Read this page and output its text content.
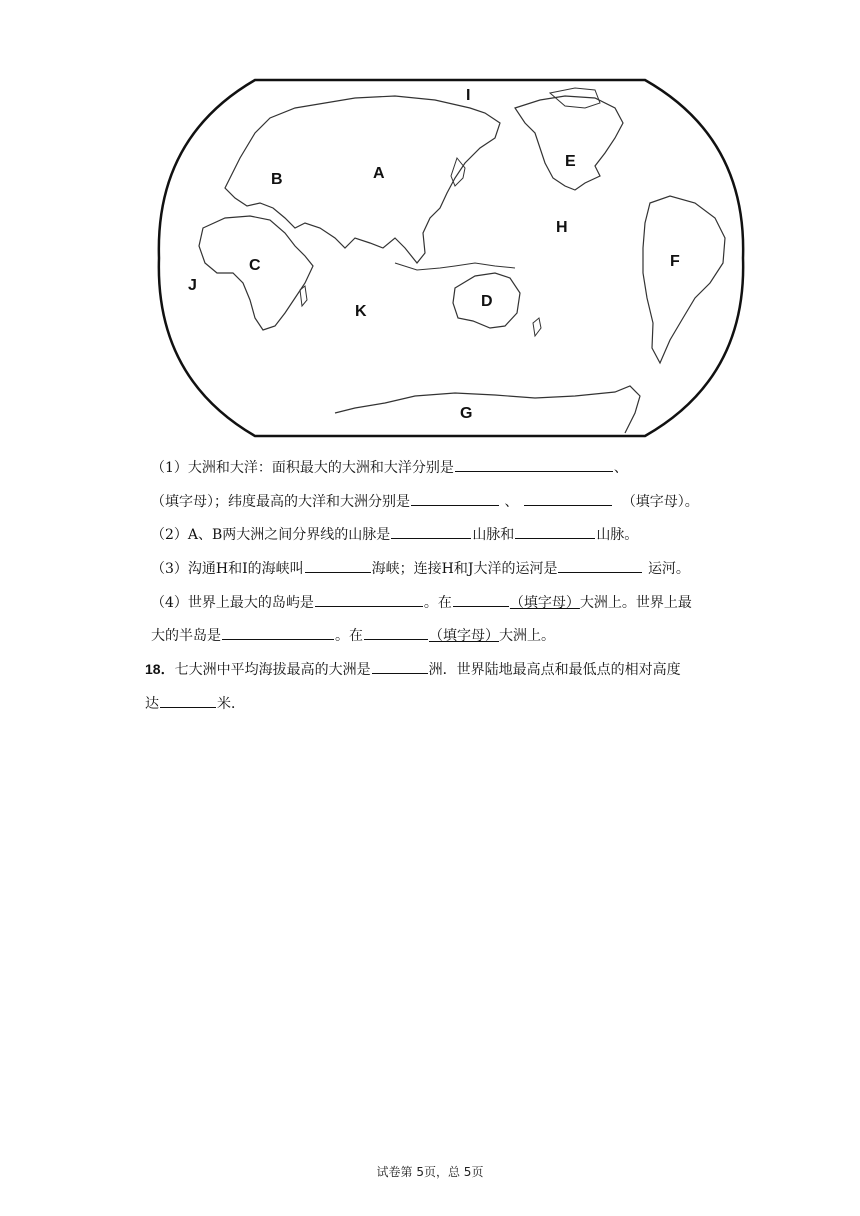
A
B
C
D
E
F
G
H
I
J
K
（1）大洲和大洋：面积最大的大洲和大洋分别是	、
（填字母）；纬度最高的大洋和大洲分别是	、	（填字母）。
（2）A、B两大洲之间分界线的山脉是	山脉和	山脉。
（3）沟通H和I的海峡叫	海峡；连接H和J大洋的运河是	运河。
（4）世界上最大的岛屿是	。在	（填字母）大洲上。世界上最
大的半岛是	。在	（填字母）大洲上。
18．七大洲中平均海拔最高的大洲是	洲．世界陆地最高点和最低点的相对高度
达	米．
试卷第 5页，总 5页
